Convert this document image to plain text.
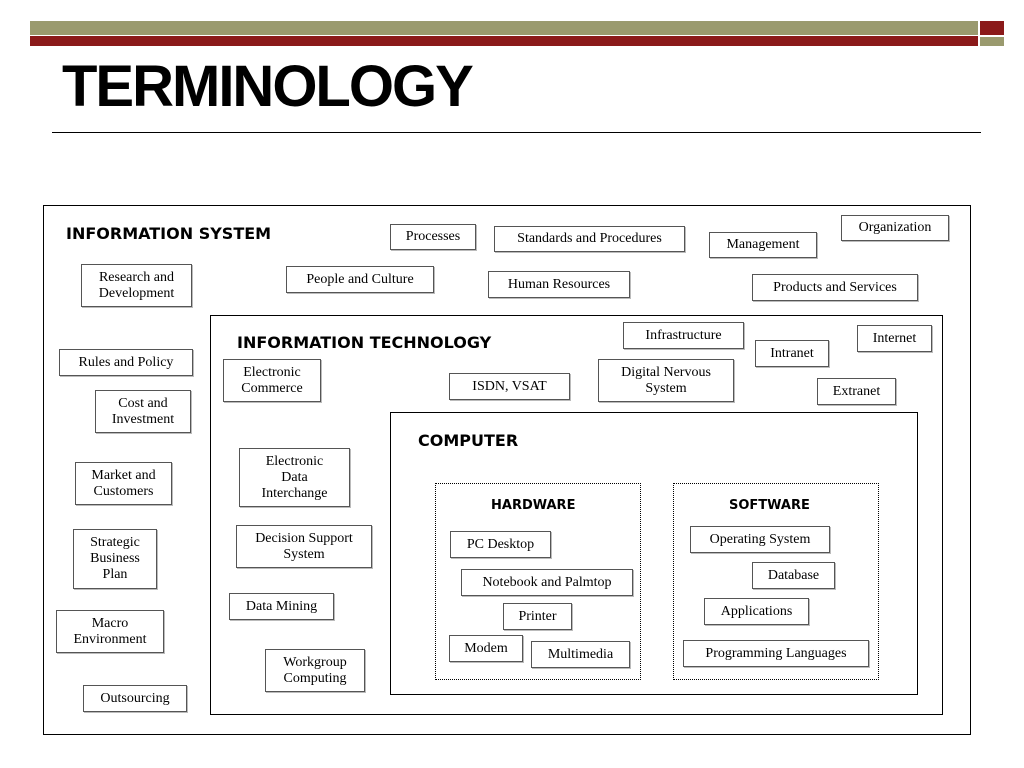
TERMINOLOGY
INFORMATION SYSTEM	Processes	Standards and Procedures	Management
Organization
Research and
Development
People and Culture	Human Resources	Products and Services
Rules and Policy
Cost and
Investment
Market and
Customers
Strategic
Business
Plan
Macro
Environment
Outsourcing
INFORMATION TECHNOLOGY	Infrastructure
Intranet
Internet
Electronic
Commerce	ISDN, VSAT
Digital Nervous
System	Extranet
Electronic
Data
Interchange
Decision Support
System
Data Mining
Workgroup
Computing
COMPUTER
HARDWARE
PC Desktop
Notebook and Palmtop
Printer
Modem	Multimedia
SOFTWARE
Operating System
Database
Applications
Programming Languages
